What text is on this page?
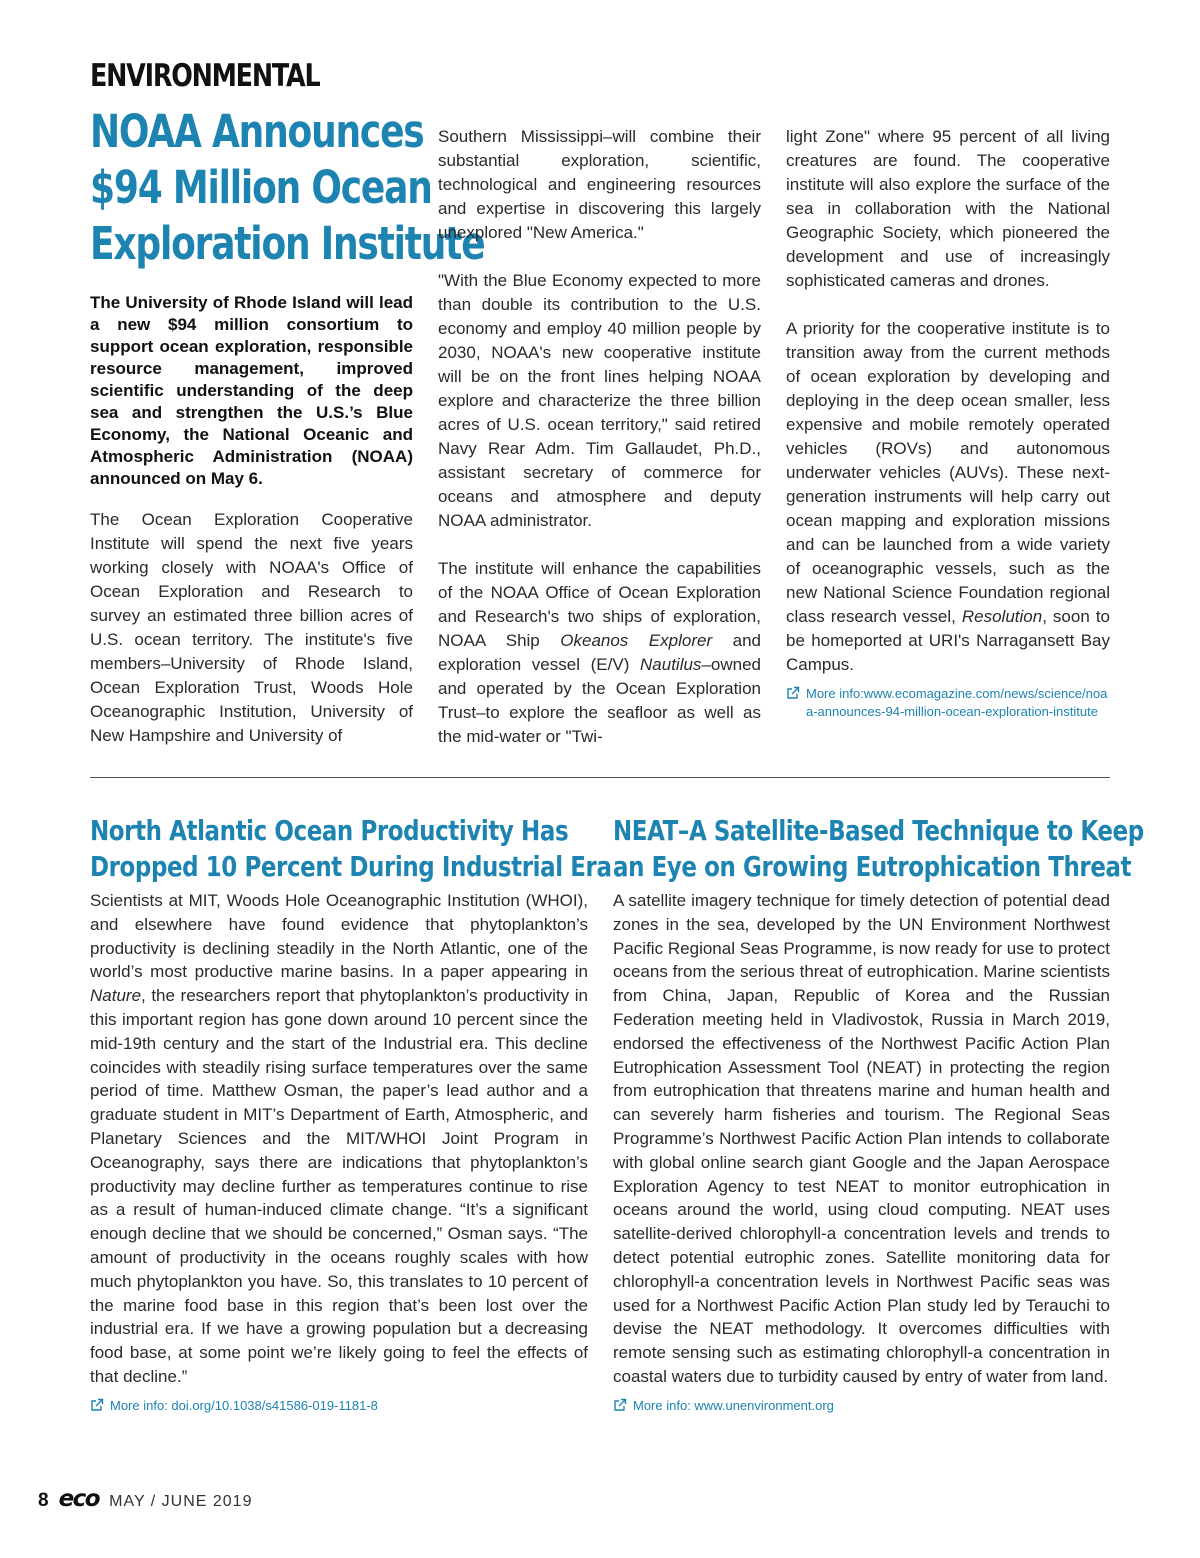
ENVIRONMENTAL
NOAA Announces
$94 Million Ocean
Exploration Institute

The University of Rhode Island will lead a new $94 million consortium to support ocean exploration, responsible resource management, improved scientific understanding of the deep sea and strengthen the U.S.’s Blue Economy, the National Oceanic and Atmospheric Administration (NOAA) announced on May 6.

The Ocean Exploration Cooperative Institute will spend the next five years working closely with NOAA's Office of Ocean Exploration and Research to survey an estimated three billion acres of U.S. ocean territory. The institute's five members–University of Rhode Island, Ocean Exploration Trust, Woods Hole Oceanographic Institution, University of New Hampshire and University of

Southern Mississippi–will combine their substantial exploration, scientific, technological and engineering resources and expertise in discovering this largely unexplored "New America."

"With the Blue Economy expected to more than double its contribution to the U.S. economy and employ 40 million people by 2030, NOAA's new cooperative institute will be on the front lines helping NOAA explore and characterize the three billion acres of U.S. ocean territory," said retired Navy Rear Adm. Tim Gallaudet, Ph.D., assistant secretary of commerce for oceans and atmosphere and deputy NOAA administrator.

The institute will enhance the capabilities of the NOAA Office of Ocean Exploration and Research's two ships of exploration, NOAA Ship Okeanos Explorer and exploration vessel (E/V) Nautilus–owned and operated by the Ocean Exploration Trust–to explore the seafloor as well as the mid-water or "Twi-

light Zone" where 95 percent of all living creatures are found. The cooperative institute will also explore the surface of the sea in collaboration with the National Geographic Society, which pioneered the development and use of increasingly sophisticated cameras and drones.

A priority for the cooperative institute is to transition away from the current methods of ocean exploration by developing and deploying in the deep ocean smaller, less expensive and mobile remotely operated vehicles (ROVs) and autonomous underwater vehicles (AUVs). These next-generation instruments will help carry out ocean mapping and exploration missions and can be launched from a wide variety of oceanographic vessels, such as the new National Science Foundation regional class research vessel, Resolution, soon to be homeported at URI's Narragansett Bay Campus.

More info:www.ecomagazine.com/news/science/noaa-announces-94-million-ocean-exploration-institute
North Atlantic Ocean Productivity Has
Dropped 10 Percent During Industrial Era

Scientists at MIT, Woods Hole Oceanographic Institution (WHOI), and elsewhere have found evidence that phytoplankton’s productivity is declining steadily in the North Atlantic, one of the world’s most productive marine basins. In a paper appearing in Nature, the researchers report that phytoplankton’s productivity in this important region has gone down around 10 percent since the mid-19th century and the start of the Industrial era. This decline coincides with steadily rising surface temperatures over the same period of time. Matthew Osman, the paper’s lead author and a graduate student in MIT’s Department of Earth, Atmospheric, and Planetary Sciences and the MIT/WHOI Joint Program in Oceanography, says there are indications that phytoplankton’s productivity may decline further as temperatures continue to rise as a result of human-induced climate change. “It’s a significant enough decline that we should be concerned,” Osman says. “The amount of productivity in the oceans roughly scales with how much phytoplankton you have. So, this translates to 10 percent of the marine food base in this region that’s been lost over the industrial era. If we have a growing population but a decreasing food base, at some point we’re likely going to feel the effects of that decline.”

More info: doi.org/10.1038/s41586-019-1181-8
NEAT–A Satellite-Based Technique to Keep
an Eye on Growing Eutrophication Threat

A satellite imagery technique for timely detection of potential dead zones in the sea, developed by the UN Environment Northwest Pacific Regional Seas Programme, is now ready for use to protect oceans from the serious threat of eutrophication. Marine scientists from China, Japan, Republic of Korea and the Russian Federation meeting held in Vladivostok, Russia in March 2019, endorsed the effectiveness of the Northwest Pacific Action Plan Eutrophication Assessment Tool (NEAT) in protecting the region from eutrophication that threatens marine and human health and can severely harm fisheries and tourism. The Regional Seas Programme’s Northwest Pacific Action Plan intends to collaborate with global online search giant Google and the Japan Aerospace Exploration Agency to test NEAT to monitor eutrophication in oceans around the world, using cloud computing. NEAT uses satellite-derived chlorophyll-a concentration levels and trends to detect potential eutrophic zones. Satellite monitoring data for chlorophyll-a concentration levels in Northwest Pacific seas was used for a Northwest Pacific Action Plan study led by Terauchi to devise the NEAT methodology. It overcomes difficulties with remote sensing such as estimating chlorophyll-a concentration in coastal waters due to turbidity caused by entry of water from land.

More info: www.unenvironment.org
8 eco MAY / JUNE 2019
